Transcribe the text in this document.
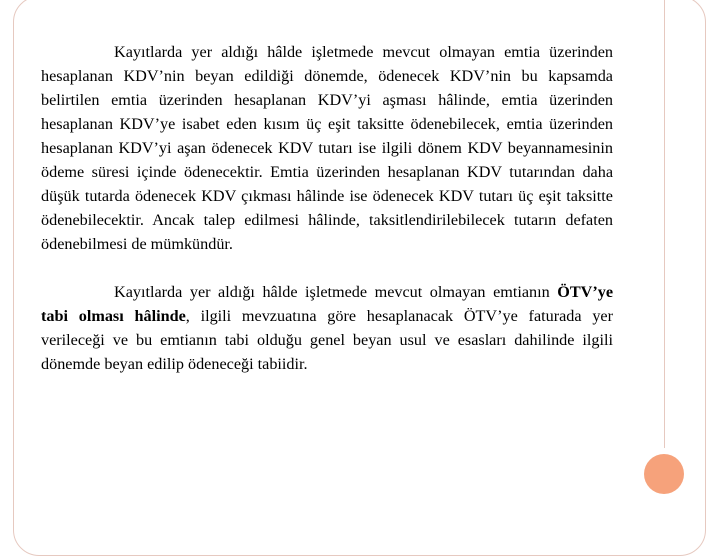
Kayıtlarda yer aldığı hâlde işletmede mevcut olmayan emtia üzerinden hesaplanan KDV’nin beyan edildiği dönemde, ödenecek KDV’nin bu kapsamda belirtilen emtia üzerinden hesaplanan KDV’yi aşması hâlinde, emtia üzerinden hesaplanan KDV’ye isabet eden kısım üç eşit taksitte ödenebilecek, emtia üzerinden hesaplanan KDV’yi aşan ödenecek KDV tutarı ise ilgili dönem KDV beyannamesinin ödeme süresi içinde ödenecektir. Emtia üzerinden hesaplanan KDV tutarından daha düşük tutarda ödenecek KDV çıkması hâlinde ise ödenecek KDV tutarı üç eşit taksitte ödenebilecektir. Ancak talep edilmesi hâlinde, taksitlendirilebilecek tutarın defaten ödenebilmesi de mümkündür.

Kayıtlarda yer aldığı hâlde işletmede mevcut olmayan emtianın ÖTV’ye tabi olması hâlinde, ilgili mevzuatına göre hesaplanacak ÖTV’ye faturada yer verileceği ve bu emtianın tabi olduğu genel beyan usul ve esasları dahilinde ilgili dönemde beyan edilip ödeneceği tabiidir.
